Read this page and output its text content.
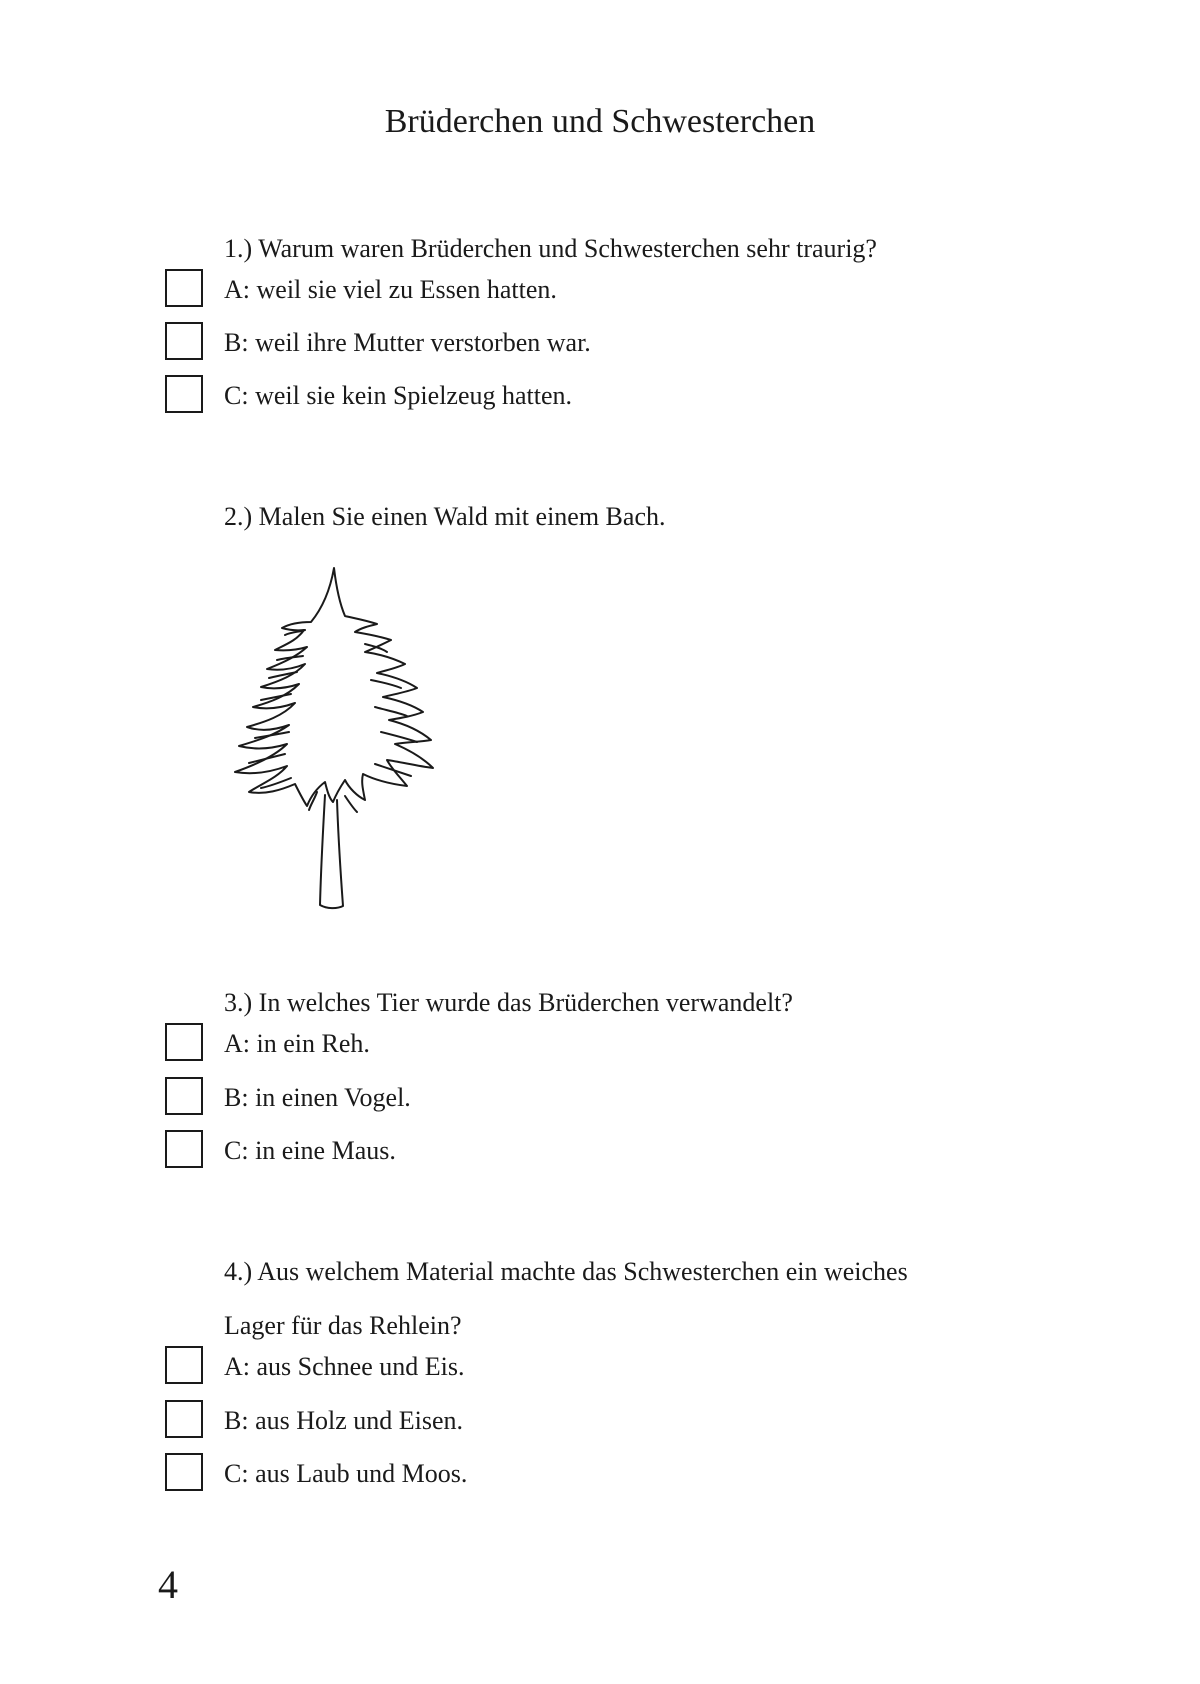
Brüderchen und Schwesterchen
1.) Warum waren Brüderchen und Schwesterchen sehr traurig?
A: weil sie viel zu Essen hatten.
B: weil ihre Mutter verstorben war.
C: weil sie kein Spielzeug hatten.
2.) Malen Sie einen Wald mit einem Bach.
3.) In welches Tier wurde das Brüderchen verwandelt?
A: in ein Reh.
B: in einen Vogel.
C: in eine Maus.
4.) Aus welchem Material machte das Schwesterchen ein weiches
Lager für das Rehlein?
A: aus Schnee und Eis.
B: aus Holz und Eisen.
C: aus Laub und Moos.
4
